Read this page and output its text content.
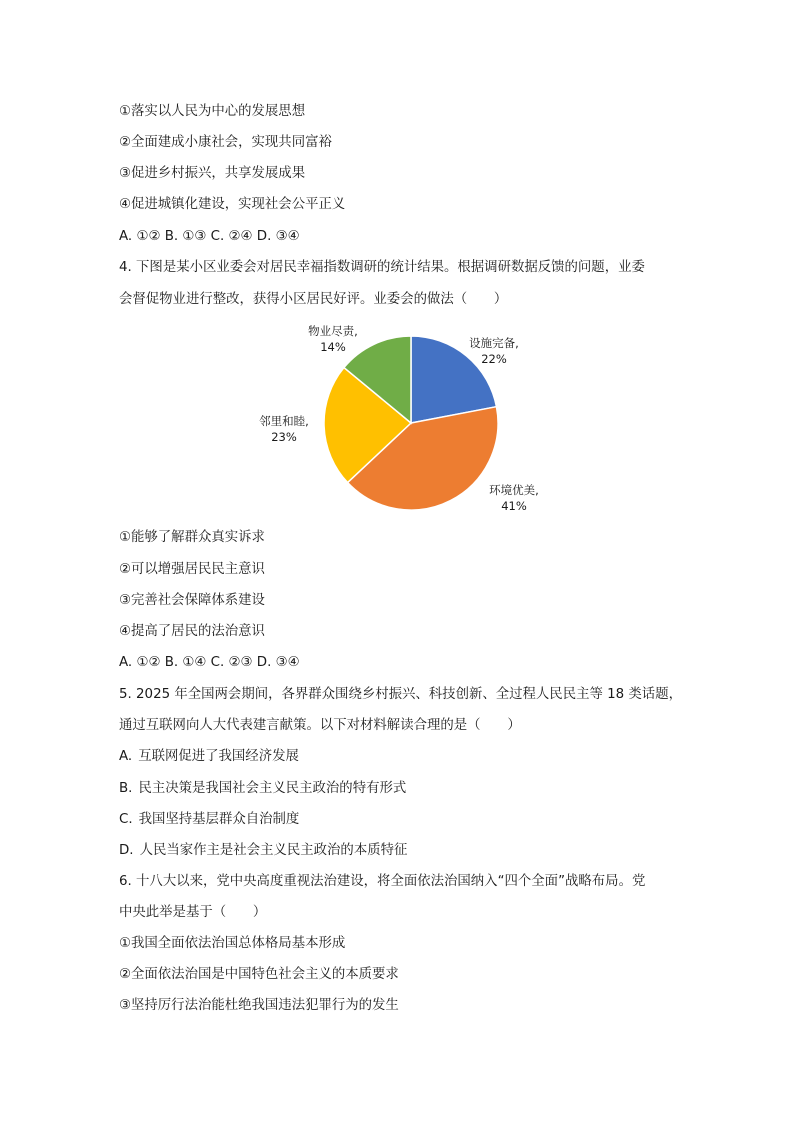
①落实以人民为中心的发展思想
②全面建成小康社会，实现共同富裕
③促进乡村振兴，共享发展成果
④促进城镇化建设，实现社会公平正义
A. ①② B. ①③ C. ②④ D. ③④
4. 下图是某小区业委会对居民幸福指数调研的统计结果。根据调研数据反馈的问题，业委
会督促物业进行整改，获得小区居民好评。业委会的做法（　　）
设施完备,
22%
环境优美,
41%
邻里和睦,
23%
物业尽责,
14%
①能够了解群众真实诉求
②可以增强居民民主意识
③完善社会保障体系建设
④提高了居民的法治意识
A. ①② B. ①④ C. ②③ D. ③④
5. 2025 年全国两会期间，各界群众围绕乡村振兴、科技创新、全过程人民民主等 18 类话题，
通过互联网向人大代表建言献策。以下对材料解读合理的是（　　）
A. 互联网促进了我国经济发展
B. 民主决策是我国社会主义民主政治的特有形式
C. 我国坚持基层群众自治制度
D. 人民当家作主是社会主义民主政治的本质特征
6. 十八大以来，党中央高度重视法治建设，将全面依法治国纳入“四个全面”战略布局。党
中央此举是基于（　　）
①我国全面依法治国总体格局基本形成
②全面依法治国是中国特色社会主义的本质要求
③坚持厉行法治能杜绝我国违法犯罪行为的发生
